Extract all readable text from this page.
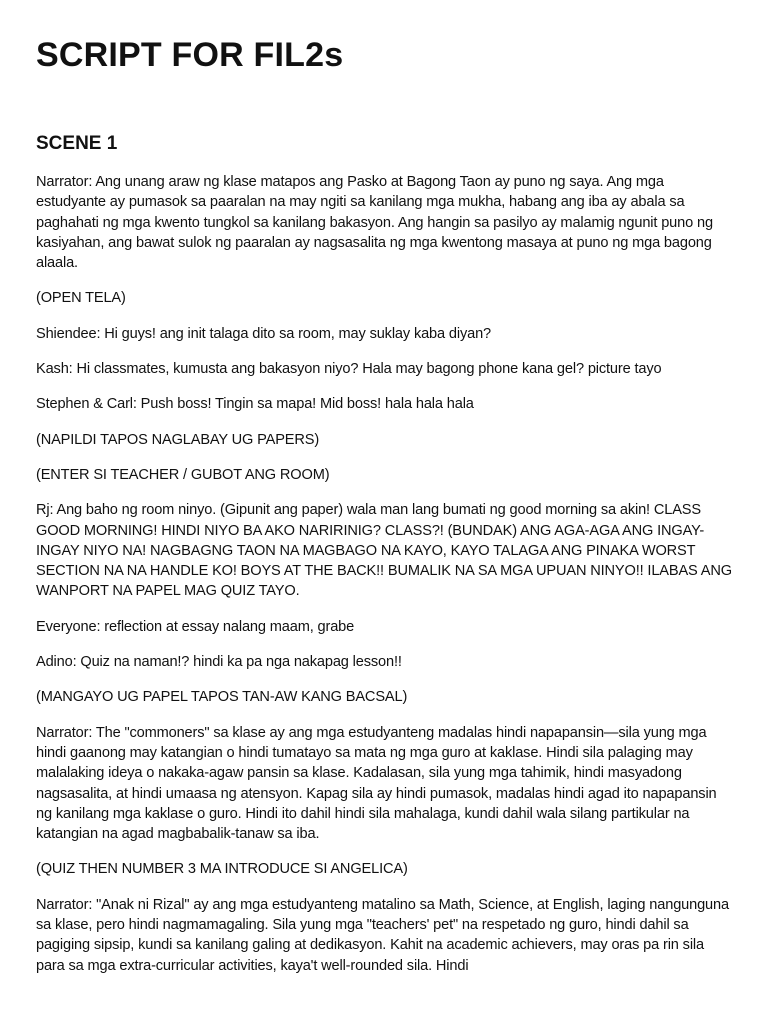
SCRIPT FOR FIL2s
SCENE 1

Narrator: Ang unang araw ng klase matapos ang Pasko at Bagong Taon ay puno ng saya. Ang mga estudyante ay pumasok sa paaralan na may ngiti sa kanilang mga mukha, habang ang iba ay abala sa paghahati ng mga kwento tungkol sa kanilang bakasyon. Ang hangin sa pasilyo ay malamig ngunit puno ng kasiyahan, ang bawat sulok ng paaralan ay nagsasalita ng mga kwentong masaya at puno ng mga bagong alaala.

(OPEN TELA)

Shiendee: Hi guys! ang init talaga dito sa room, may suklay kaba diyan?

Kash: Hi classmates, kumusta ang bakasyon niyo? Hala may bagong phone kana gel? picture tayo

Stephen & Carl: Push boss! Tingin sa mapa! Mid boss! hala hala hala

(NAPILDI TAPOS NAGLABAY UG PAPERS)

(ENTER SI TEACHER / GUBOT ANG ROOM)

Rj: Ang baho ng room ninyo. (Gipunit ang paper) wala man lang bumati ng good morning sa akin! CLASS GOOD MORNING! HINDI NIYO BA AKO NARIRINIG? CLASS?! (BUNDAK) ANG AGA-AGA ANG INGAY-INGAY NIYO NA! NAGBAGNG TAON NA MAGBAGO NA KAYO, KAYO TALAGA ANG PINAKA WORST SECTION NA NA HANDLE KO! BOYS AT THE BACK!! BUMALIK NA SA MGA UPUAN NINYO!! ILABAS ANG WANPORT NA PAPEL MAG QUIZ TAYO.

Everyone: reflection at essay nalang maam, grabe

Adino: Quiz na naman!? hindi ka pa nga nakapag lesson!!

(MANGAYO UG PAPEL TAPOS TAN-AW KANG BACSAL)

Narrator: The "commoners" sa klase ay ang mga estudyanteng madalas hindi napapansin—sila yung mga hindi gaanong may katangian o hindi tumatayo sa mata ng mga guro at kaklase. Hindi sila palaging may malalaking ideya o nakaka-agaw pansin sa klase. Kadalasan, sila yung mga tahimik, hindi masyadong nagsasalita, at hindi umaasa ng atensyon. Kapag sila ay hindi pumasok, madalas hindi agad ito napapansin ng kanilang mga kaklase o guro. Hindi ito dahil hindi sila mahalaga, kundi dahil wala silang partikular na katangian na agad magbabalik-tanaw sa iba.

(QUIZ THEN NUMBER 3 MA INTRODUCE SI ANGELICA)

Narrator: "Anak ni Rizal" ay ang mga estudyanteng matalino sa Math, Science, at English, laging nangunguna sa klase, pero hindi nagmamagaling. Sila yung mga "teachers' pet" na respetado ng guro, hindi dahil sa pagiging sipsip, kundi sa kanilang galing at dedikasyon. Kahit na academic achievers, may oras pa rin sila para sa mga extra-curricular activities, kaya't well-rounded sila. Hindi
